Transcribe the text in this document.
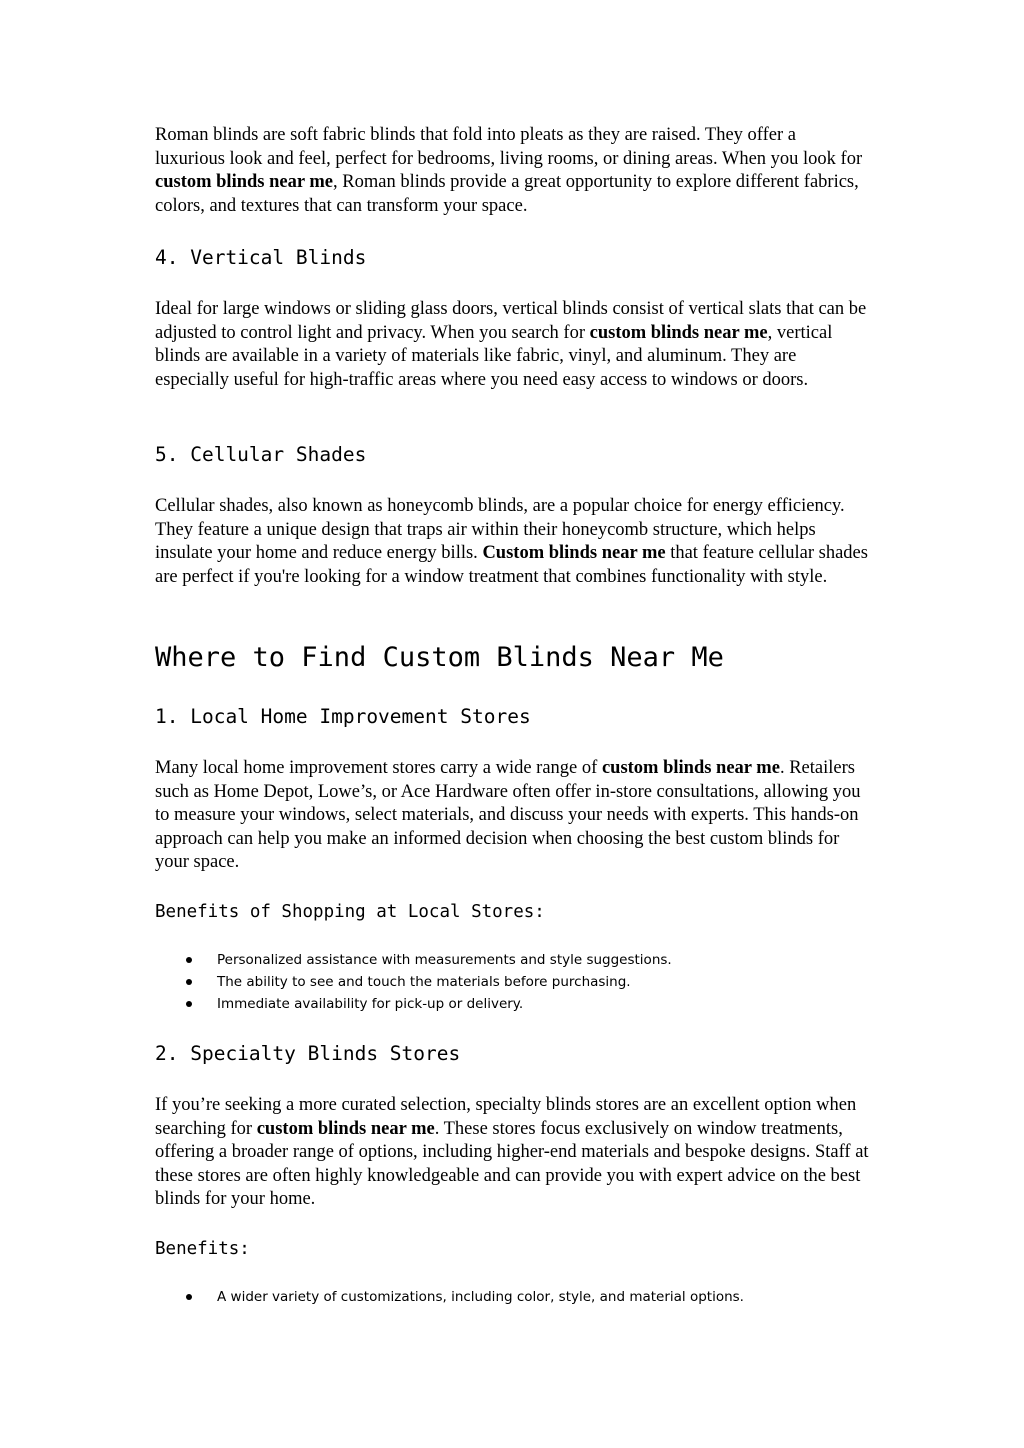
Roman blinds are soft fabric blinds that fold into pleats as they are raised. They offer a luxurious look and feel, perfect for bedrooms, living rooms, or dining areas. When you look for custom blinds near me, Roman blinds provide a great opportunity to explore different fabrics, colors, and textures that can transform your space.

4. Vertical Blinds

Ideal for large windows or sliding glass doors, vertical blinds consist of vertical slats that can be adjusted to control light and privacy. When you search for custom blinds near me, vertical blinds are available in a variety of materials like fabric, vinyl, and aluminum. They are especially useful for high-traffic areas where you need easy access to windows or doors.

5. Cellular Shades

Cellular shades, also known as honeycomb blinds, are a popular choice for energy efficiency. They feature a unique design that traps air within their honeycomb structure, which helps insulate your home and reduce energy bills. Custom blinds near me that feature cellular shades are perfect if you're looking for a window treatment that combines functionality with style.

Where to Find Custom Blinds Near Me
1. Local Home Improvement Stores

Many local home improvement stores carry a wide range of custom blinds near me. Retailers such as Home Depot, Lowe’s, or Ace Hardware often offer in-store consultations, allowing you to measure your windows, select materials, and discuss your needs with experts. This hands-on approach can help you make an informed decision when choosing the best custom blinds for your space.

Benefits of Shopping at Local Stores:

Personalized assistance with measurements and style suggestions.
The ability to see and touch the materials before purchasing.
Immediate availability for pick-up or delivery.
2. Specialty Blinds Stores

If you’re seeking a more curated selection, specialty blinds stores are an excellent option when searching for custom blinds near me. These stores focus exclusively on window treatments, offering a broader range of options, including higher-end materials and bespoke designs. Staff at these stores are often highly knowledgeable and can provide you with expert advice on the best blinds for your home.

Benefits:

A wider variety of customizations, including color, style, and material options.
